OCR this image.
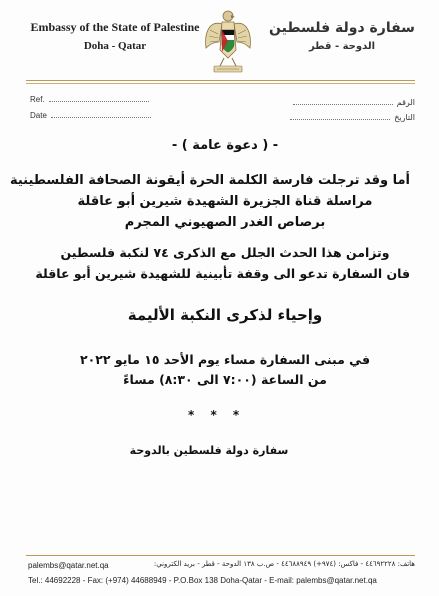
Embassy of the State of Palestine
Doha - Qatar
سفارة دولة فلسطين
الدوحة - قطر
Ref.
Date
الرقم
التاريخ
- ( دعوة عامة ) -
أما وقد ترجلت فارسة الكلمة الحرة أيقونة الصحافة الفلسطينية
مراسلة قناة الجزيرة الشهيدة شيرين أبو عاقلة
برصاص الغدر الصهيوني المجرم
وتزامن هذا الحدث الجلل مع الذكرى ٧٤ لنكبة فلسطين
فان السفارة تدعو الى وقفة تأبينية للشهيدة شيرين أبو عاقلة
وإحياء لذكرى النكبة الأليمة
في مبنى السفارة مساء يوم الأحد ١٥ مايو ٢٠٢٢
من الساعة (٧:٠٠ الى ٨:٣٠) مساءً
* * *
سفارة دولة فلسطين بالدوحة
palembs@qatar.net.qa	هاتف: ٤٤٦٩٢٢٢٨ - فاكس: (٩٧٤+) ٤٤٦٨٨٩٤٩ - ص.ب ١٣٨ الدوحة - قطر - بريد الكتروني:
Tel.: 44692228 - Fax: (+974) 44688949 - P.O.Box 138 Doha-Qatar - E-mail: palembs@qatar.net.qa
